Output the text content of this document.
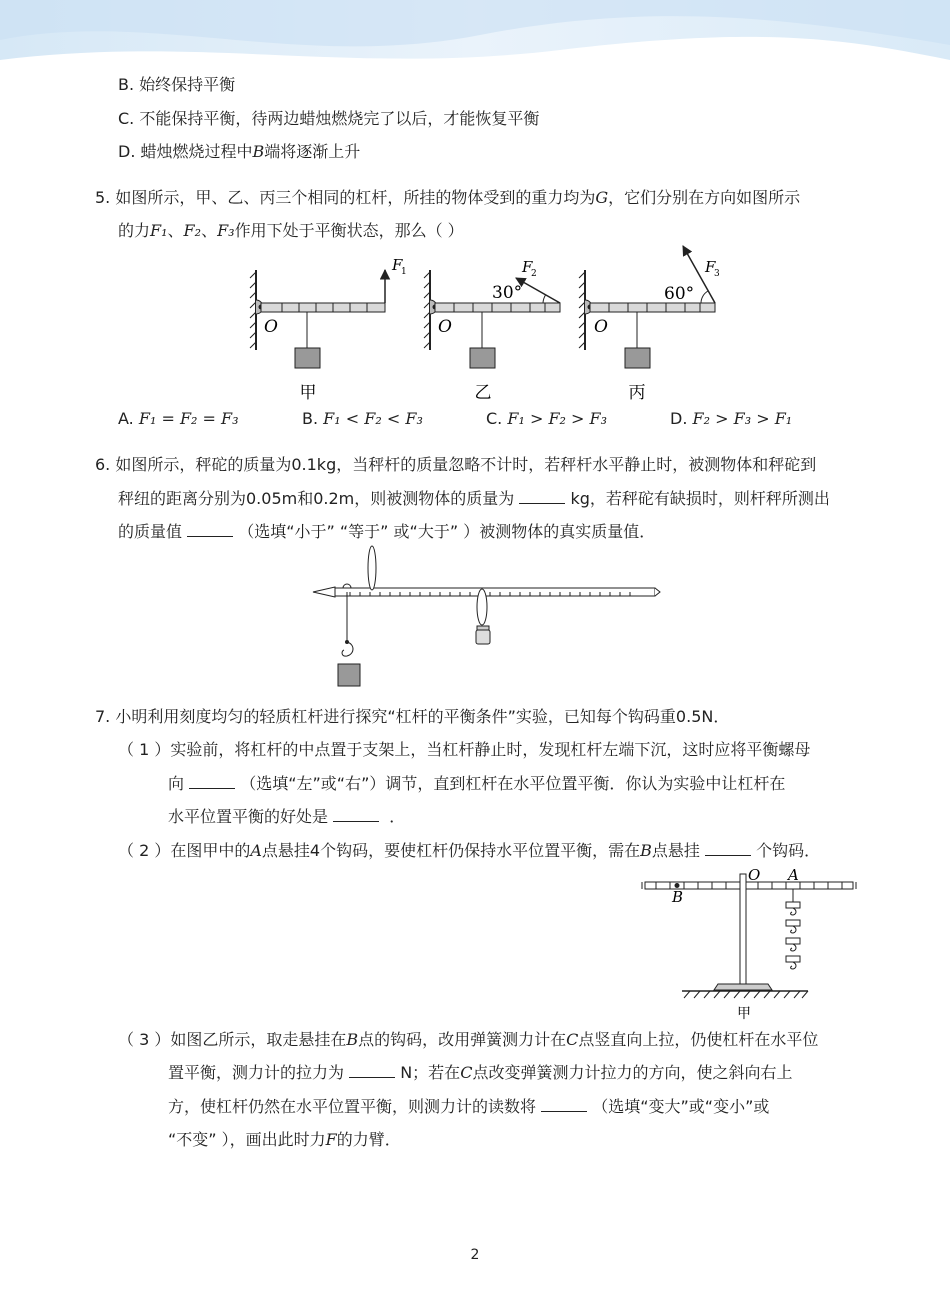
B. 始终保持平衡
C. 不能保持平衡，待两边蜡烛燃烧完了以后，才能恢复平衡
D. 蜡烛燃烧过程中B端将逐渐上升
5. 如图所示，甲、乙、丙三个相同的杠杆，所挂的物体受到的重力均为G，它们分别在方向如图所示
的力F₁、F₂、F₃作用下处于平衡状态，那么（ ）
F
1
O
甲
30°
F
2
O
乙
60°
F
3
O
丙
A. F₁ = F₂ = F₃	B. F₁ < F₂ < F₃	C. F₁ > F₂ > F₃	D. F₂ > F₃ > F₁
6. 如图所示，秤砣的质量为0.1kg，当秤杆的质量忽略不计时，若秤杆水平静止时，被测物体和秤砣到
秤纽的距离分别为0.05m和0.2m，则被测物体的质量为	kg，若秤砣有缺损时，则杆秤所测出
的质量值	（选填“小于” “等于” 或“大于” ）被测物体的真实质量值．
7. 小明利用刻度均匀的轻质杠杆进行探究“杠杆的平衡条件”实验，已知每个钩码重0.5N．
（ 1 ）实验前，将杠杆的中点置于支架上，当杠杆静止时，发现杠杆左端下沉，这时应将平衡螺母
向	（选填“左”或“右”）调节，直到杠杆在水平位置平衡．你认为实验中让杠杆在
水平位置平衡的好处是	．
（ 2 ）在图甲中的A点悬挂4个钩码，要使杠杆仍保持水平位置平衡，需在B点悬挂	个钩码．
O A
B
甲
（ 3 ）如图乙所示，取走悬挂在B点的钩码，改用弹簧测力计在C点竖直向上拉，仍使杠杆在水平位
置平衡，测力计的拉力为	N；若在C点改变弹簧测力计拉力的方向，使之斜向右上
方，使杠杆仍然在水平位置平衡，则测力计的读数将	（选填“变大”或“变小”或
“不变” ），画出此时力F的力臂．
2
